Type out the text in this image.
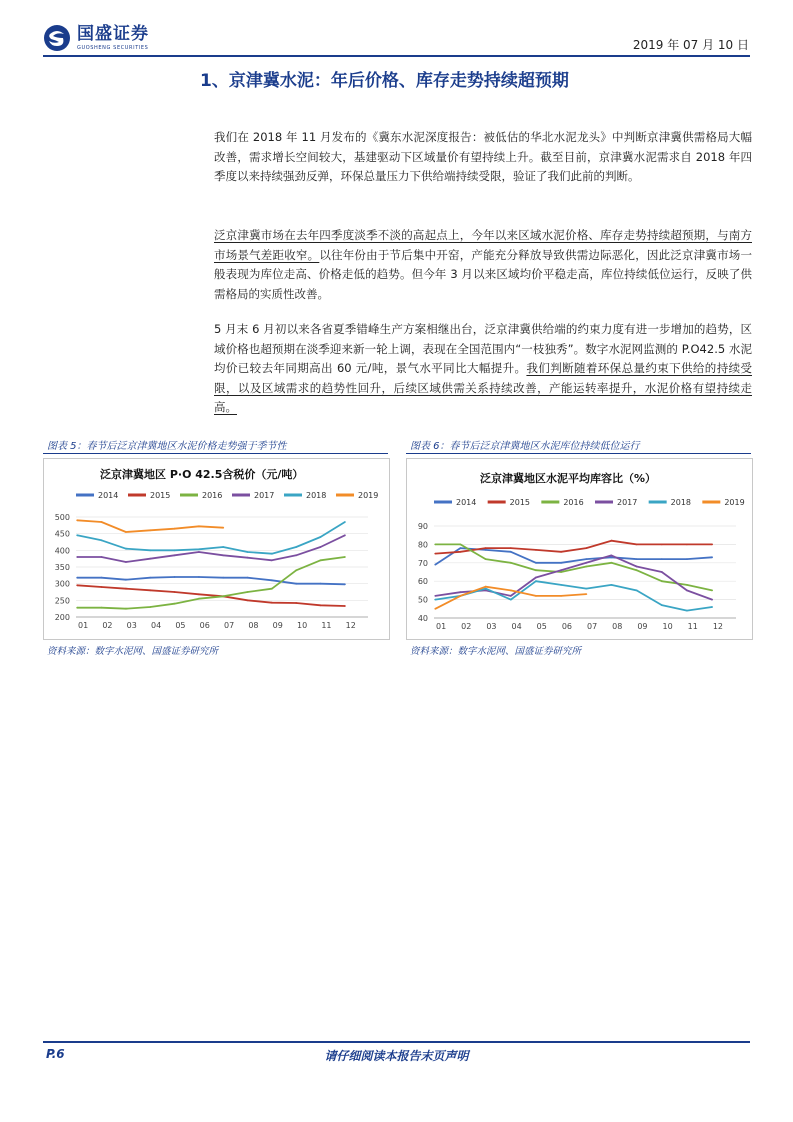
国盛证券
GUOSHENG SECURITIES	2019 年 07 月 10 日
1、京津冀水泥：年后价格、库存走势持续超预期
我们在 2018 年 11 月发布的《冀东水泥深度报告：被低估的华北水泥龙头》中判断京津冀供需格局大幅改善，需求增长空间较大，基建驱动下区域量价有望持续上升。截至目前，京津冀水泥需求自 2018 年四季度以来持续强劲反弹，环保总量压力下供给端持续受限，验证了我们此前的判断。
泛京津冀市场在去年四季度淡季不淡的高起点上，今年以来区域水泥价格、库存走势持续超预期，与南方市场景气差距收窄。以往年份由于节后集中开窑，产能充分释放导致供需边际恶化，因此泛京津冀市场一般表现为库位走高、价格走低的趋势。但今年 3 月以来区域均价平稳走高，库位持续低位运行，反映了供需格局的实质性改善。
5 月末 6 月初以来各省夏季错峰生产方案相继出台，泛京津冀供给端的约束力度有进一步增加的趋势，区域价格也超预期在淡季迎来新一轮上调，表现在全国范围内“一枝独秀”。数字水泥网监测的 P.O42.5 水泥均价已较去年同期高出 60 元/吨，景气水平同比大幅提升。我们判断随着环保总量约束下供给的持续受限，以及区域需求的趋势性回升，后续区域供需关系持续改善，产能运转率提升，水泥价格有望持续走高。
图表 5：春节后泛京津冀地区水泥价格走势强于季节性
泛京津冀地区 P·O 42.5含税价（元/吨）
2014	2015	2016	2017	2018	2019
200
250
300
350
400
450
500
01 02 03 04 05 06 07 08 09 10 11 12
资料来源：数字水泥网、国盛证券研究所
图表 6：春节后泛京津冀地区水泥库位持续低位运行
泛京津冀地区水泥平均库容比（%）
2014	2015	2016	2017	2018	2019
40
50
60
70
80
90
01 02 03 04 05 06 07 08 09 10 11 12
资料来源：数字水泥网、国盛证券研究所
P.6	请仔细阅读本报告末页声明
